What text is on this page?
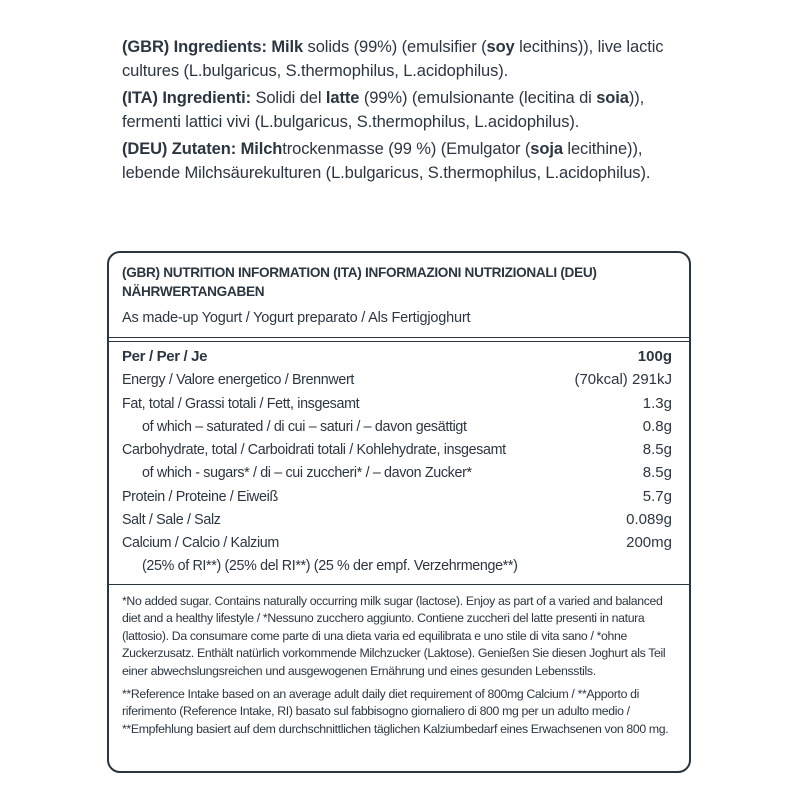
(GBR) Ingredients: Milk solids (99%) (emulsifier (soy lecithins)), live lactic cultures (L.bulgaricus, S.thermophilus, L.acidophilus).

(ITA) Ingredienti: Solidi del latte (99%) (emulsionante (lecitina di soia)), fermenti lattici vivi (L.bulgaricus, S.thermophilus, L.acidophilus).

(DEU) Zutaten: Milchtrockenmasse (99 %) (Emulgator (soja lecithine)), lebende Milchsäurekulturen (L.bulgaricus, S.thermophilus, L.acidophilus).

(GBR) NUTRITION INFORMATION (ITA) INFORMAZIONI NUTRIZIONALI (DEU) NÄHRWERTANGABEN
As made-up Yogurt / Yogurt preparato / Als Fertigjoghurt
Per / Per / Je	100g
Energy / Valore energetico / Brennwert	(70kcal) 291kJ
Fat, total / Grassi totali / Fett, insgesamt	1.3g
of which – saturated / di cui – saturi / – davon gesättigt	0.8g
Carbohydrate, total / Carboidrati totali / Kohlehydrate, insgesamt	8.5g
of which - sugars* / di – cui zuccheri* / – davon Zucker*	8.5g
Protein / Proteine / Eiweiß	5.7g
Salt / Sale / Salz	0.089g
Calcium / Calcio / Kalzium	200mg
(25% of RI**) (25% del RI**) (25 % der empf. Verzehrmenge**)

*No added sugar. Contains naturally occurring milk sugar (lactose). Enjoy as part of a varied and balanced diet and a healthy lifestyle / *Nessuno zucchero aggiunto. Contiene zuccheri del latte presenti in natura (lattosio). Da consumare come parte di una dieta varia ed equilibrata e uno stile di vita sano / *ohne Zuckerzusatz. Enthält natürlich vorkommende Milchzucker (Laktose). Genießen Sie diesen Joghurt als Teil einer abwechslungsreichen und ausgewogenen Ernährung und eines gesunden Lebensstils.

**Reference Intake based on an average adult daily diet requirement of 800mg Calcium / **Apporto di riferimento (Reference Intake, RI) basato sul fabbisogno giornaliero di 800 mg per un adulto medio / **Empfehlung basiert auf dem durchschnittlichen täglichen Kalziumbedarf eines Erwachsenen von 800 mg.
